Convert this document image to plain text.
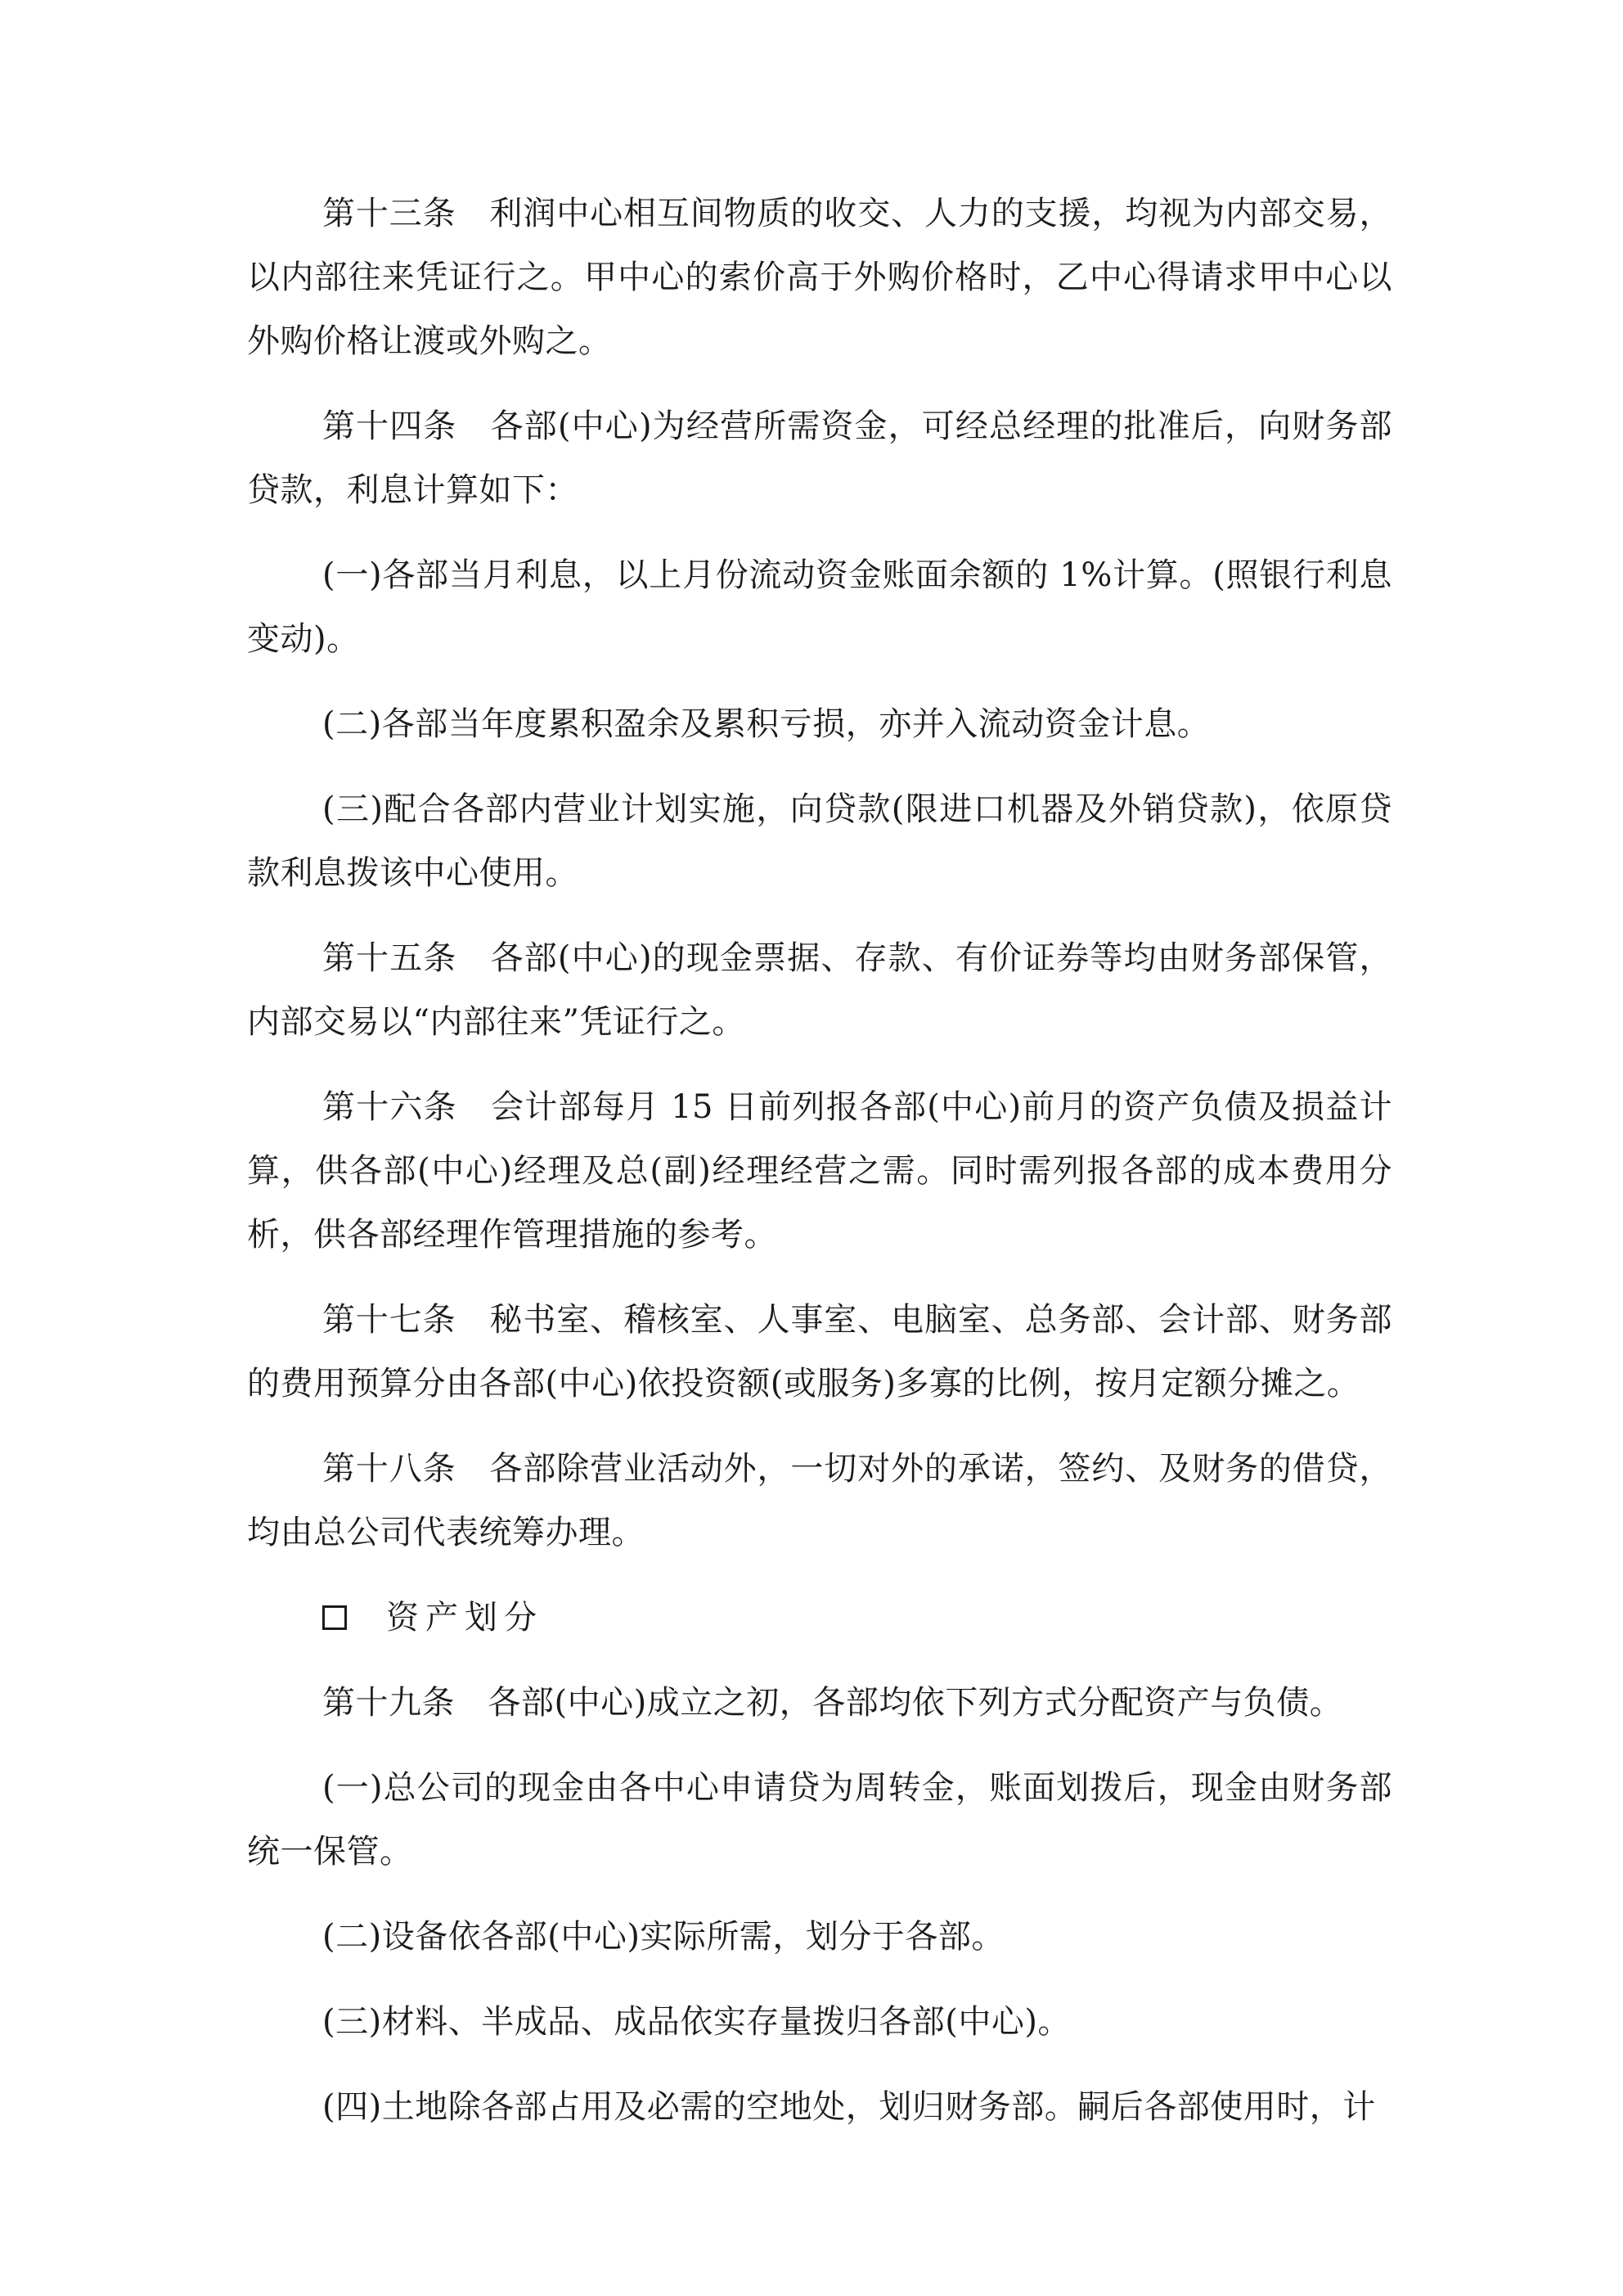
第十三条　利润中心相互间物质的收交、人力的支援，均视为内部交易，以内部往来凭证行之。甲中心的索价高于外购价格时，乙中心得请求甲中心以外购价格让渡或外购之。

第十四条　各部(中心)为经营所需资金，可经总经理的批准后，向财务部贷款，利息计算如下：

(一)各部当月利息，以上月份流动资金账面余额的 1%计算。(照银行利息变动)。

(二)各部当年度累积盈余及累积亏损，亦并入流动资金计息。

(三)配合各部内营业计划实施，向贷款(限进口机器及外销贷款)，依原贷款利息拨该中心使用。

第十五条　各部(中心)的现金票据、存款、有价证券等均由财务部保管，内部交易以“内部往来”凭证行之。

第十六条　会计部每月 15 日前列报各部(中心)前月的资产负债及损益计算，供各部(中心)经理及总(副)经理经营之需。同时需列报各部的成本费用分析，供各部经理作管理措施的参考。

第十七条　秘书室、稽核室、人事室、电脑室、总务部、会计部、财务部的费用预算分由各部(中心)依投资额(或服务)多寡的比例，按月定额分摊之。

第十八条　各部除营业活动外，一切对外的承诺，签约、及财务的借贷，均由总公司代表统筹办理。

资产划分

第十九条　各部(中心)成立之初，各部均依下列方式分配资产与负债。

(一)总公司的现金由各中心申请贷为周转金，账面划拨后，现金由财务部统一保管。

(二)设备依各部(中心)实际所需，划分于各部。

(三)材料、半成品、成品依实存量拨归各部(中心)。

(四)土地除各部占用及必需的空地处，划归财务部。嗣后各部使用时，计
